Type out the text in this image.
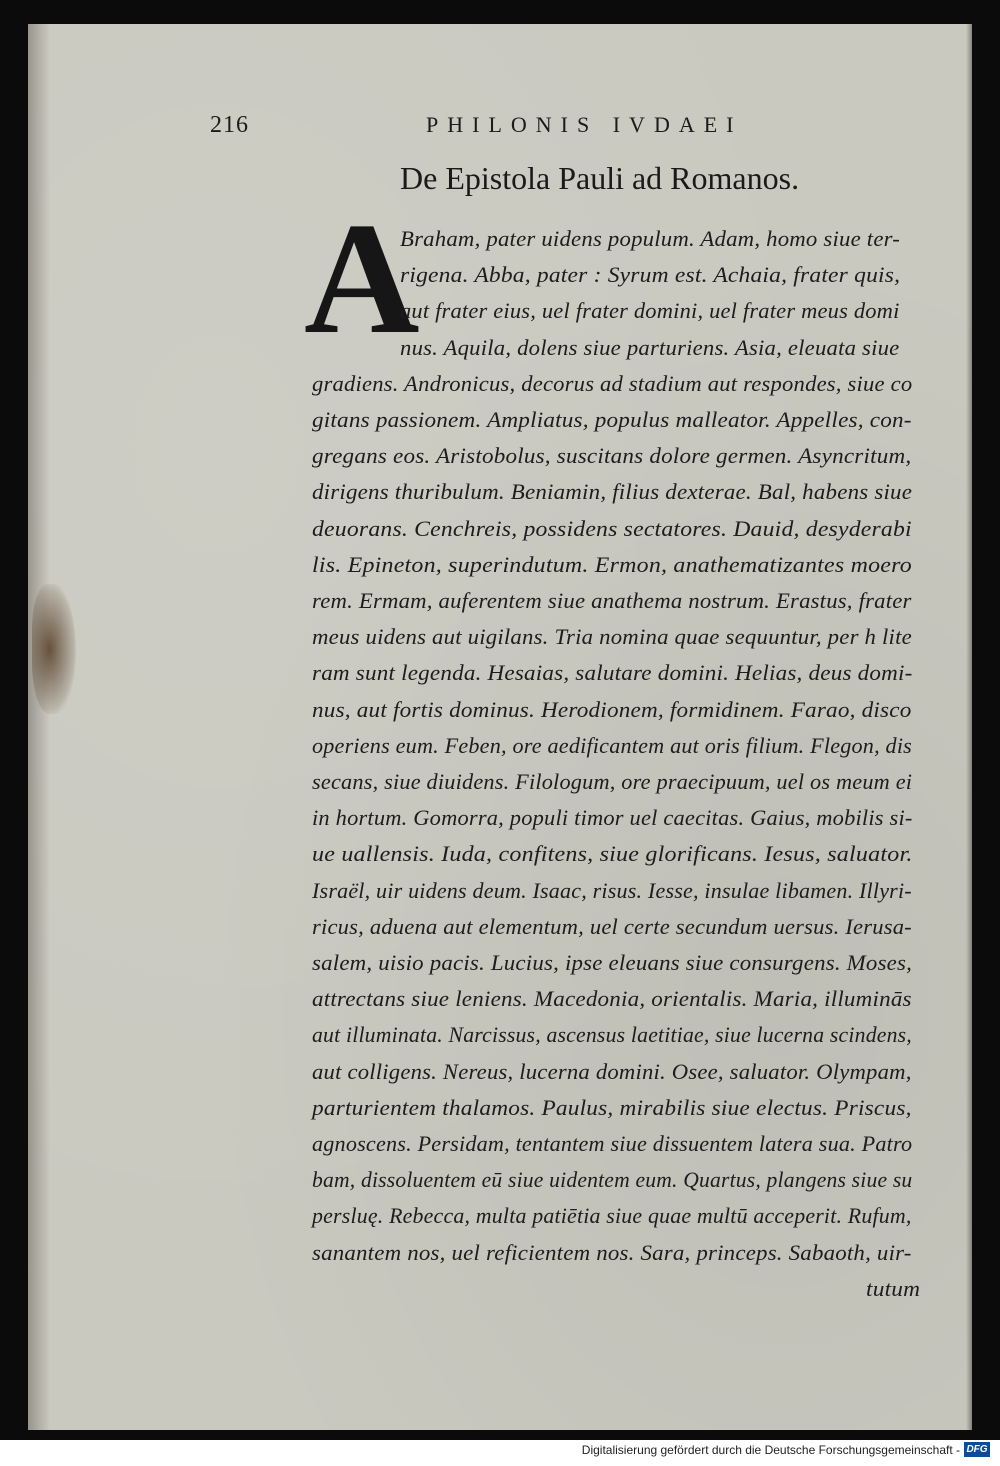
216	PHILONIS IVDAEI
De Epistola Pauli ad Romanos.
A
Braham, pater uidens populum. Adam, homo siue ter-
rigena. Abba, pater : Syrum est. Achaia, frater quis,
aut frater eius, uel frater domini, uel frater meus domi
nus. Aquila, dolens siue parturiens. Asia, eleuata siue
gradiens. Andronicus, decorus ad stadium aut respondes, siue co
gitans passionem. Ampliatus, populus malleator. Appelles, con-
gregans eos. Aristobolus, suscitans dolore germen. Asyncritum,
dirigens thuribulum. Beniamin, filius dexterae. Bal, habens siue
deuorans. Cenchreis, possidens sectatores. Dauid, desyderabi
lis. Epineton, superindutum. Ermon, anathematizantes moero
rem. Ermam, auferentem siue anathema nostrum. Erastus, frater
meus uidens aut uigilans. Tria nomina quae sequuntur, per h lite
ram sunt legenda. Hesaias, salutare domini. Helias, deus domi-
nus, aut fortis dominus. Herodionem, formidinem. Farao, disco
operiens eum. Feben, ore aedificantem aut oris filium. Flegon, dis
secans, siue diuidens. Filologum, ore praecipuum, uel os meum ei
in hortum. Gomorra, populi timor uel caecitas. Gaius, mobilis si-
ue uallensis. Iuda, confitens, siue glorificans. Iesus, saluator.
Israël, uir uidens deum. Isaac, risus. Iesse, insulae libamen. Illyri-
ricus, aduena aut elementum, uel certe secundum uersus. Ierusa-
salem, uisio pacis. Lucius, ipse eleuans siue consurgens. Moses,
attrectans siue leniens. Macedonia, orientalis. Maria, illuminās
aut illuminata. Narcissus, ascensus laetitiae, siue lucerna scindens,
aut colligens. Nereus, lucerna domini. Osee, saluator. Olympam,
parturientem thalamos. Paulus, mirabilis siue electus. Priscus,
agnoscens. Persidam, tentantem siue dissuentem latera sua. Patro
bam, dissoluentem eū siue uidentem eum. Quartus, plangens siue su
persluę. Rebecca, multa patiētia siue quae multū acceperit. Rufum,
sanantem nos, uel reficientem nos. Sara, princeps. Sabaoth, uir-
tutum
Digitalisierung gefördert durch die Deutsche Forschungsgemeinschaft - DFG
